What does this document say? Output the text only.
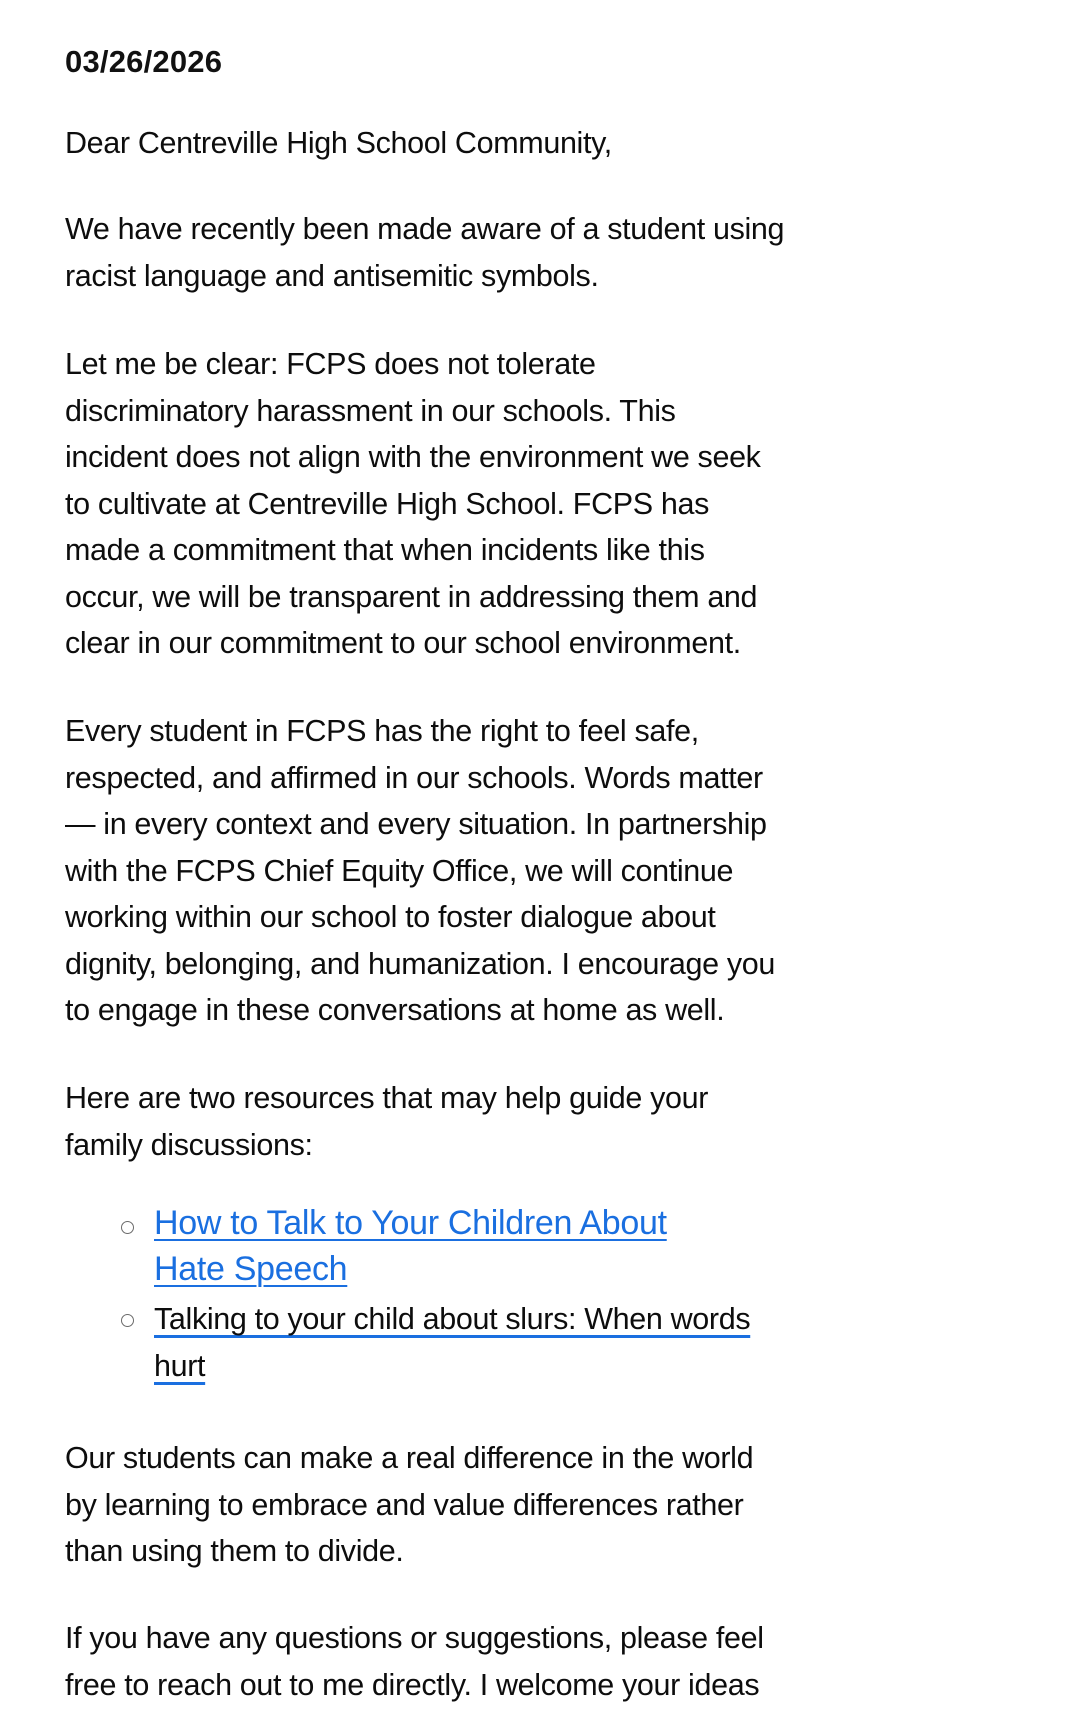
03/26/2026

Dear Centreville High School Community,

We have recently been made aware of a student using
racist language and antisemitic symbols.

Let me be clear: FCPS does not tolerate
discriminatory harassment in our schools. This
incident does not align with the environment we seek
to cultivate at Centreville High School. FCPS has
made a commitment that when incidents like this
occur, we will be transparent in addressing them and
clear in our commitment to our school environment.

Every student in FCPS has the right to feel safe,
respected, and affirmed in our schools. Words matter
— in every context and every situation. In partnership
with the FCPS Chief Equity Office, we will continue
working within our school to foster dialogue about
dignity, belonging, and humanization. I encourage you
to engage in these conversations at home as well.

Here are two resources that may help guide your
family discussions:

How to Talk to Your Children About
Hate Speech
Talking to your child about slurs: When words
hurt

Our students can make a real difference in the world
by learning to embrace and value differences rather
than using them to divide.

If you have any questions or suggestions, please feel
free to reach out to me directly. I welcome your ideas
